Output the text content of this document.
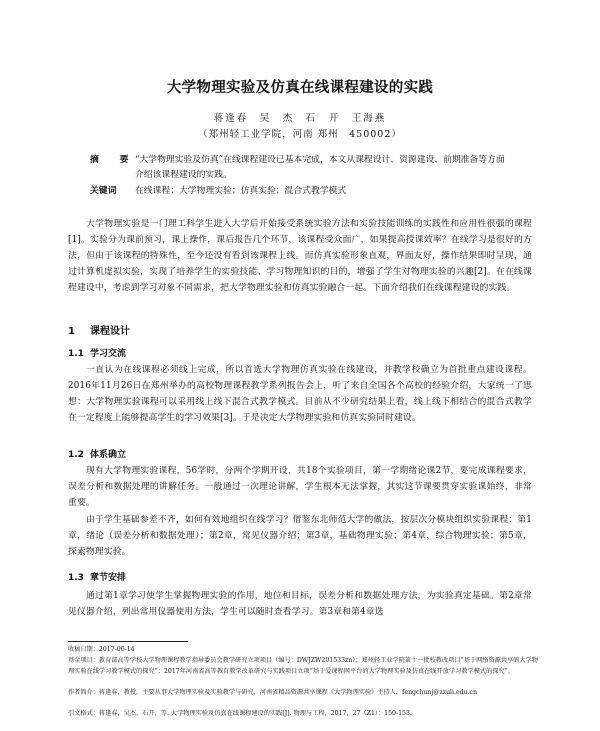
大学物理实验及仿真在线课程建设的实践
蒋逢春　吴　杰　石　开　王海燕
（郑州轻工业学院，河南 郑州　450002）
摘　要 “大学物理实验及仿真”在线课程建设已基本完成，本文从课程设计、资源建设、前期准备等方面介绍该课程建设的实践。
关键词 在线课程；大学物理实验；仿真实验；混合式教学模式
大学物理实验是一门理工科学生进入大学后开始接受系统实验方法和实验技能训练的实践性和应用性很强的课程[1]。实验分为课前预习，课上操作，课后报告几个环节，该课程受众面广，如果提高授课效率？在线学习是很好的方法，但由于该课程的特殊性，至今还没有看到该课程上线。而仿真实验形象直观，界面友好，操作结果即时呈现，通过计算机虚拟实验，实现了培养学生的实验技能、学习物理知识的目的，增强了学生对物理实验的兴趣[2]。在在线课程建设中，考虑到学习对象不同需求，把大学物理实验和仿真实验融合一起。下面介绍我们在线课程建设的实践。
1 课程设计
1.1 学习交流
一直认为在线课程必须线上完成，所以首选大学物理仿真实验在线建设，并教学校确立为首批重点建设课程。2016年11月26日在郑州举办的高校物理课程教学系列报告会上，听了来自全国各个高校的经验介绍，大家统一了思想：大学物理实验课程可以采用线上线下混合式教学模式。目前从不少研究结果上看，线上线下相结合的混合式教学在一定程度上能够提高学生的学习效果[3]。于是决定大学物理实验和仿真实验同时建设。
1.2 体系确立
现有大学物理实验课程，56学时，分两个学期开设，共18个实验项目，第一学期绪论课2节，要完成课程要求，误差分析和数据处理的讲解任务。一般通过一次理论讲解，学生根本无法掌握，其实这节课要贯穿实验课始终，非常重要。
由于学生基础参差不齐，如何有效地组织在线学习？借鉴东北师范大学的做法，按层次分模块组织实验课程：第1章，绪论（误差分析和数据处理）；第2章，常见仪器介绍；第3章，基础物理实验；第4章，综合物理实验；第5章，探索物理实验。
1.3 章节安排
通过第1章学习使学生掌握物理实验的作用，地位和目标，误差分析和数据处理方法，为实验真定基础。第2章常见仪器介绍，列出常用仪器使用方法，学生可以随时查看学习。第3章和第4章选
收稿日期：2017-06-14
基金项目：教育部高等学校大学物理课程教学指导委员会教学研究立项项目（编号：DWJZW201533zn）；郑州轻工业学院第十一批校教改项目“基于网络资源共享的大学物理实验在线学习教学模式的探究”；2017年河南省高等教育教学改革研究与实践项目立项“基于爱课程网平台的大学物理实验及仿真在线开放学习教学模式的探究”。
作者简介：蒋逢春，教授，主要从事大学物理实验及实验教学与研究，河南省精品资源共享课程《大学物理实验》主持人，fengchunj@zzuli.edu.cn
引文格式：蒋逢春，吴杰，石开，等. 大学物理实验及仿真在线课程建设的实践[J]. 物理与工程，2017，27（Z1）：150-153.
